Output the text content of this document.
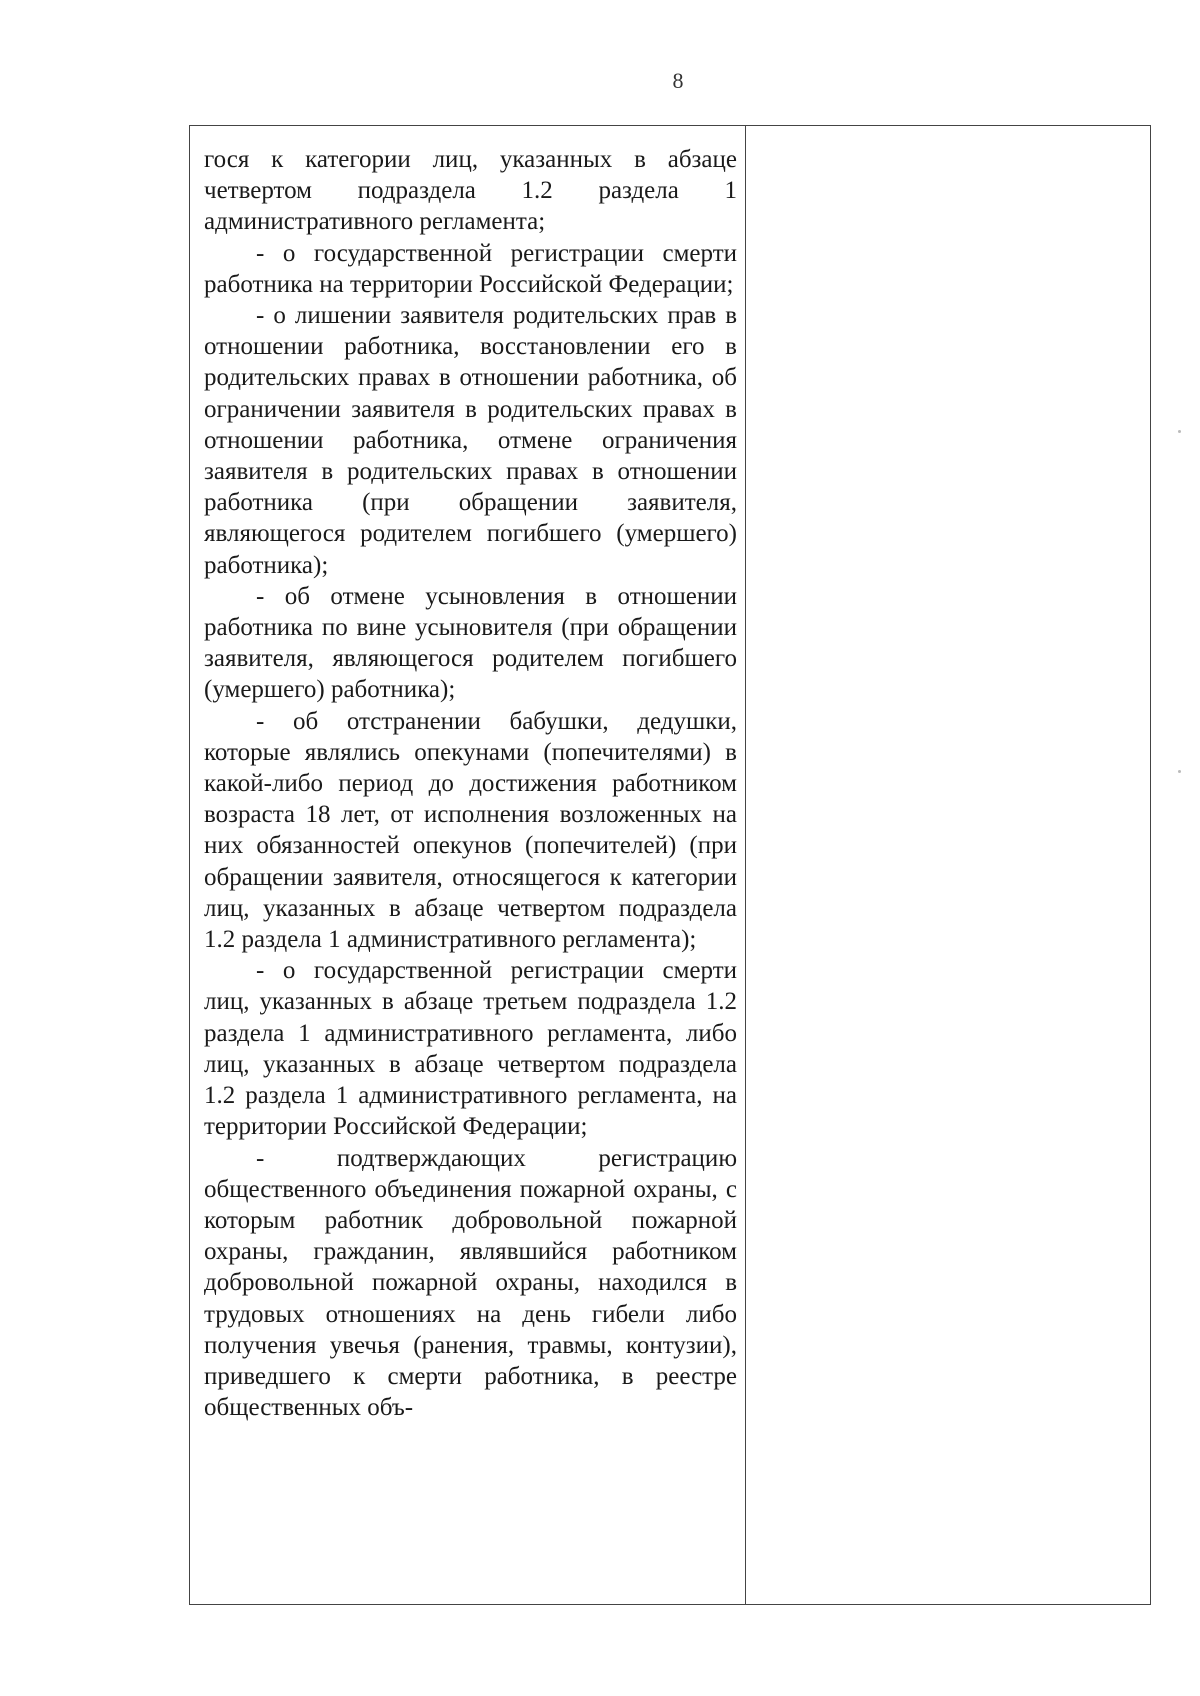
8

гося к категории лиц, указанных в абзаце четвертом подраздела 1.2 раздела 1 административного регламента;

- о государственной регистрации смерти работника на территории Российской Федерации;

- о лишении заявителя родительских прав в отношении работника, восстановлении его в родительских правах в отношении работника, об ограничении заявителя в родительских правах в отношении работника, отмене ограничения заявителя в родительских правах в отношении работника (при обращении заявителя, являющегося родителем погибшего (умершего) работника);

- об отмене усыновления в отношении работника по вине усыновителя (при обращении заявителя, являющегося родителем погибшего (умершего) работника);

- об отстранении бабушки, дедушки, которые являлись опекунами (попечителями) в какой-либо период до достижения работником возраста 18 лет, от исполнения возложенных на них обязанностей опекунов (попечителей) (при обращении заявителя, относящегося к категории лиц, указанных в абзаце четвертом подраздела 1.2 раздела 1 административного регламента);

- о государственной регистрации смерти лиц, указанных в абзаце третьем подраздела 1.2 раздела 1 административного регламента, либо лиц, указанных в абзаце четвертом подраздела 1.2 раздела 1 административного регламента, на территории Российской Федерации;

- подтверждающих регистрацию общественного объединения пожарной охраны, с которым работник добровольной пожарной охраны, гражданин, являвшийся работником добровольной пожарной охраны, находился в трудовых отношениях на день гибели либо получения увечья (ранения, травмы, контузии), приведшего к смерти работника, в реестре общественных объ-
